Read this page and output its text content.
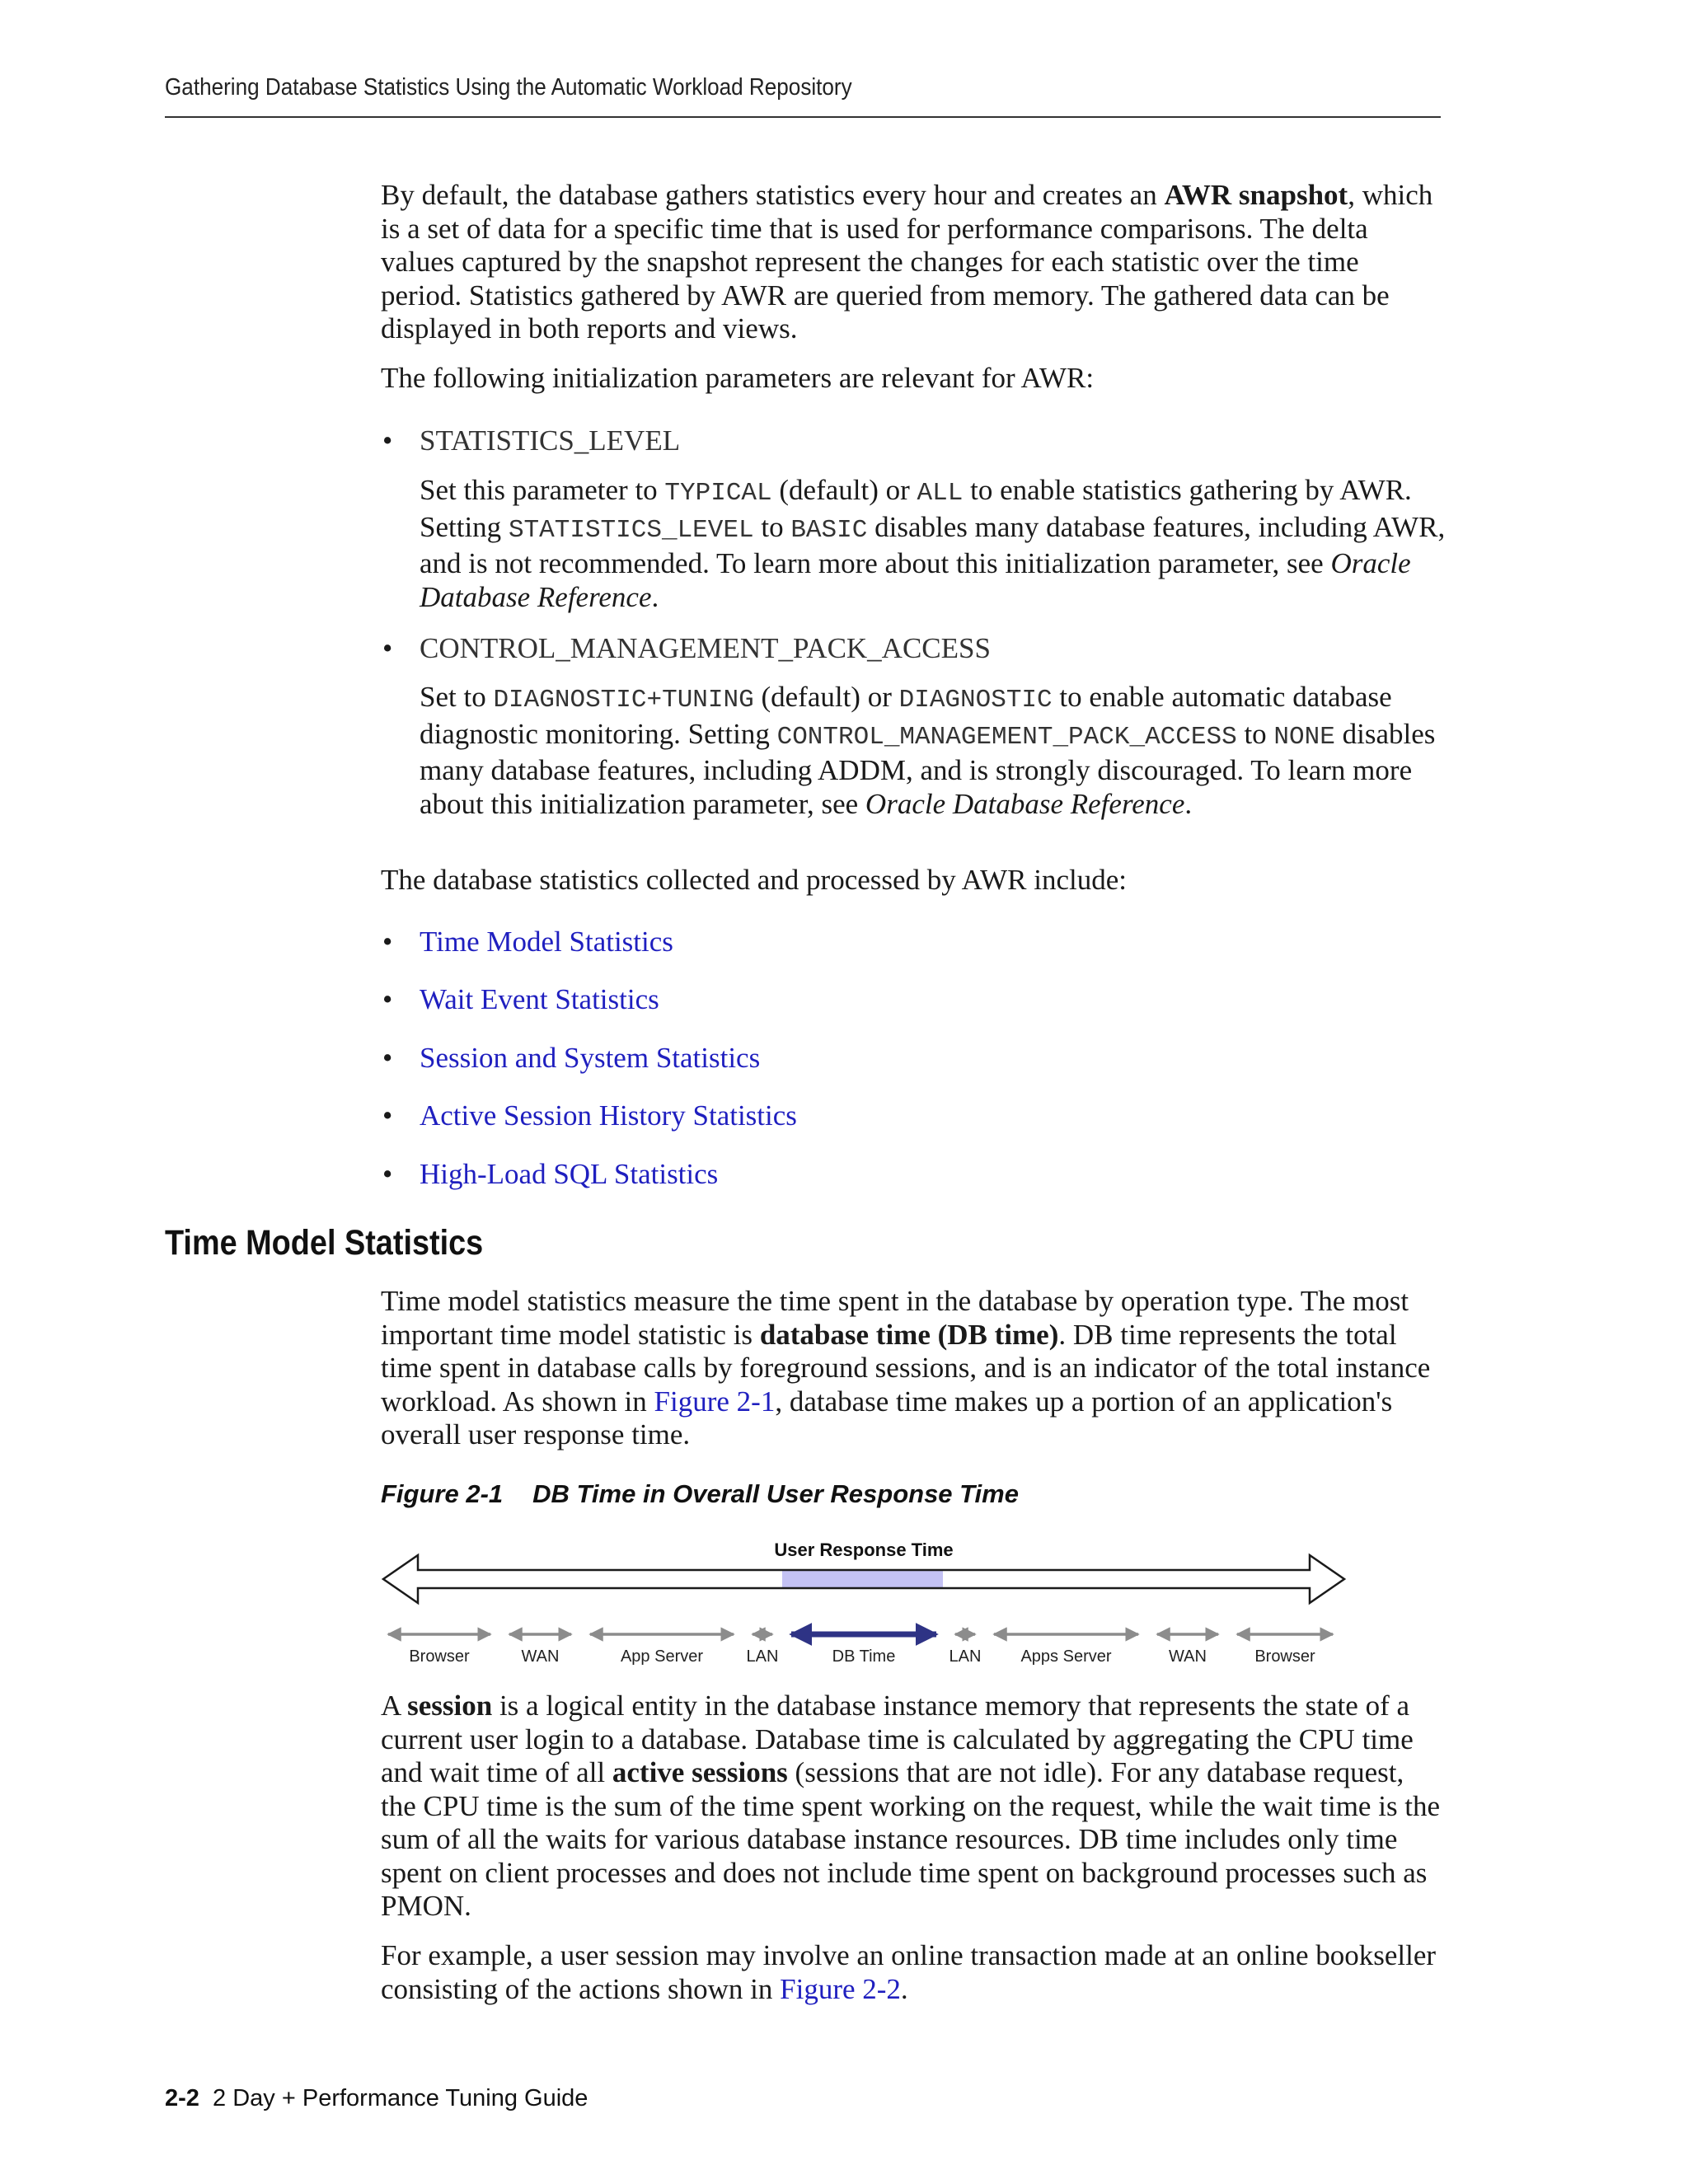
Gathering Database Statistics Using the Automatic Workload Repository

By default, the database gathers statistics every hour and creates an AWR snapshot, which is a set of data for a specific time that is used for performance comparisons. The delta values captured by the snapshot represent the changes for each statistic over the time period. Statistics gathered by AWR are queried from memory. The gathered data can be displayed in both reports and views.

The following initialization parameters are relevant for AWR:
• STATISTICS_LEVEL
Set this parameter to TYPICAL (default) or ALL to enable statistics gathering by AWR. Setting STATISTICS_LEVEL to BASIC disables many database features, including AWR, and is not recommended. To learn more about this initialization parameter, see Oracle Database Reference.
• CONTROL_MANAGEMENT_PACK_ACCESS
Set to DIAGNOSTIC+TUNING (default) or DIAGNOSTIC to enable automatic database diagnostic monitoring. Setting CONTROL_MANAGEMENT_PACK_ACCESS to NONE disables many database features, including ADDM, and is strongly discouraged. To learn more about this initialization parameter, see Oracle Database Reference.
The database statistics collected and processed by AWR include:
• Time Model Statistics
• Wait Event Statistics
• Session and System Statistics
• Active Session History Statistics
• High-Load SQL Statistics
Time Model Statistics

Time model statistics measure the time spent in the database by operation type. The most important time model statistic is database time (DB time). DB time represents the total time spent in database calls by foreground sessions, and is an indicator of the total instance workload. As shown in Figure 2-1, database time makes up a portion of an application's overall user response time.

Figure 2-1 DB Time in Overall User Response Time
User Response Time
Browser	WAN	App Server	LAN	DB Time	LAN Apps Server	WAN	Browser

A session is a logical entity in the database instance memory that represents the state of a current user login to a database. Database time is calculated by aggregating the CPU time and wait time of all active sessions (sessions that are not idle). For any database request, the CPU time is the sum of the time spent working on the request, while the wait time is the sum of all the waits for various database instance resources. DB time includes only time spent on client processes and does not include time spent on background processes such as PMON.

For example, a user session may involve an online transaction made at an online bookseller consisting of the actions shown in Figure 2-2.

2-2 2 Day + Performance Tuning Guide
